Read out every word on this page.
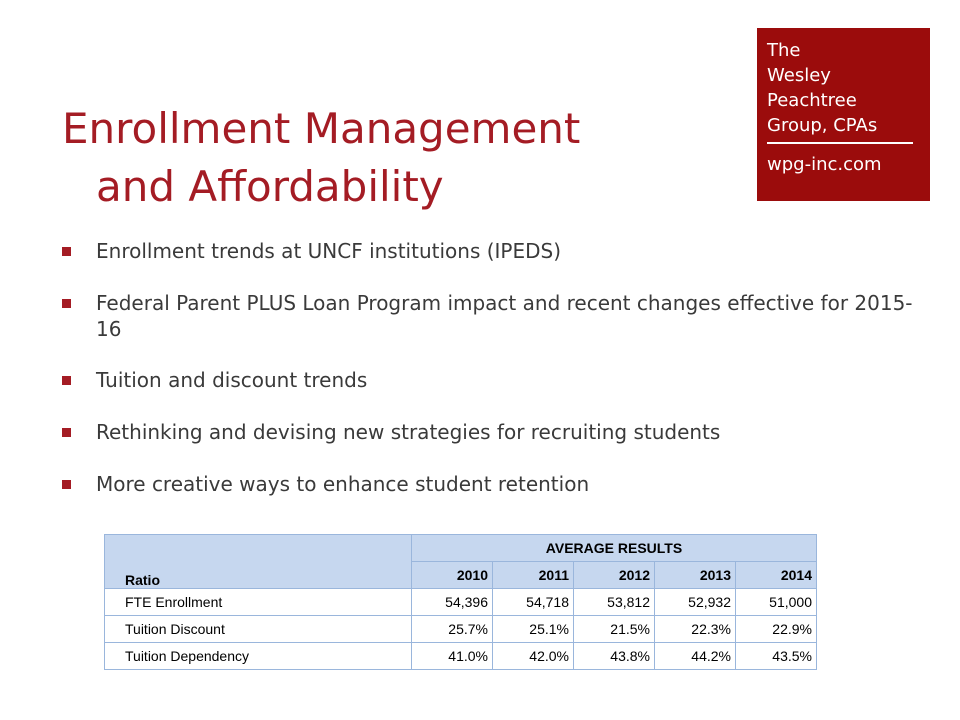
Enrollment Management
and Affordability
The
Wesley
Peachtree
Group, CPAs
wpg-inc.com
Enrollment trends at UNCF institutions (IPEDS)
Federal Parent PLUS Loan Program impact and recent changes effective for 2015-16
Tuition and discount trends
Rethinking and devising new strategies for recruiting students
More creative ways to enhance student retention
Ratio	AVERAGE RESULTS				
	2010	2011	2012	2013	2014
FTE Enrollment	54,396	54,718	53,812	52,932	51,000
Tuition Discount	25.7%	25.1%	21.5%	22.3%	22.9%
Tuition Dependency	41.0%	42.0%	43.8%	44.2%	43.5%
